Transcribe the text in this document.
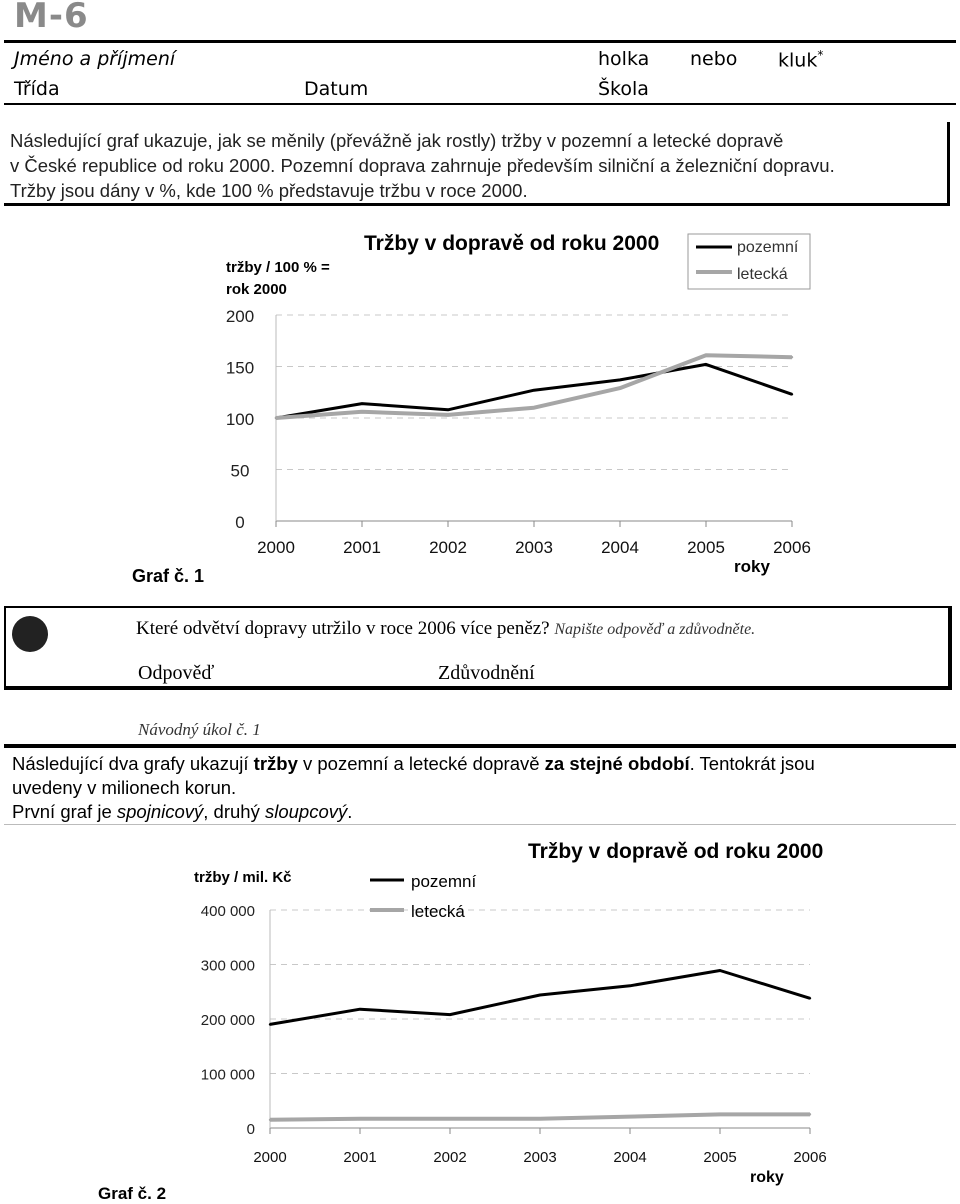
M-6
Jméno a příjmení	holka nebo kluk*
Třída	Datum	Škola
Následující graf ukazuje, jak se měnily (převážně jak rostly) tržby v pozemní a letecké dopravě
v České republice od roku 2000. Pozemní doprava zahrnuje především silniční a železniční dopravu.
Tržby jsou dány v %, kde 100 % představuje tržbu v roce 2000.
0
50
100
150
200
2000	2001	2002	2003	2004	2005	2006
tržby / 100 % =
rok 2000
Tržby v dopravě od roku 2000	pozemní
letecká
roky
Graf č. 1
Které odvětví dopravy utržilo v roce 2006 více peněz? Napište odpověď a zdůvodněte.
Odpověď	Zdůvodnění
Návodný úkol č. 1
Následující dva grafy ukazují tržby v pozemní a letecké dopravě za stejné období. Tentokrát jsou
uvedeny v milionech korun.
První graf je spojnicový, druhý sloupcový.
0
100 000
200 000
300 000
400 000
2000	2001	2002	2003	2004	2005	2006
Tržby v dopravě od roku 2000
tržby / mil. Kč	pozemní
letecká
roky
Graf č. 2
